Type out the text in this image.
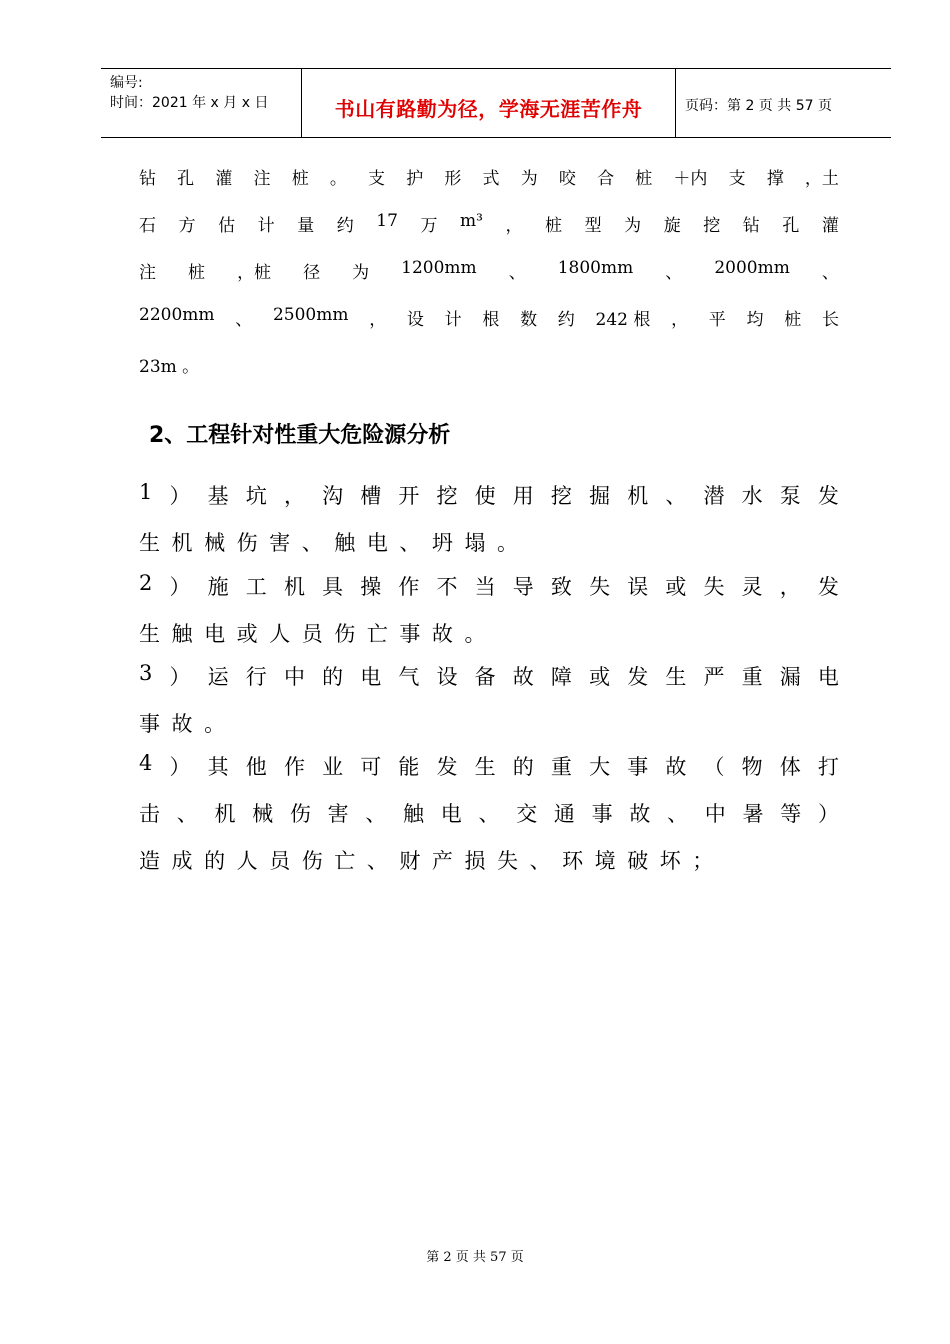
编号:
时间：2021 年 x 月 x 日	书山有路勤为径，学海无涯苦作舟	页码：第 2 页 共 57 页
钻 孔 灌 注 桩 。 支 护 形 式 为 咬 合 桩 ＋内 支 撑 ，土
石 方 估 计 量 约 17 万 m³ ， 桩 型 为 旋 挖 钻 孔 灌
注 桩 ，桩 径 为 1200mm 、 1800mm 、 2000mm 、
2200mm 、 2500mm ， 设 计 根 数 约 242 根 ， 平 均 桩 长
23m 。
2、工程针对性重大危险源分析
1 ） 基 坑 ， 沟 槽 开 挖 使 用 挖 掘 机 、 潜 水 泵 发
生 机 械 伤 害 、 触 电 、 坍 塌 。
2 ） 施 工 机 具 操 作 不 当 导 致 失 误 或 失 灵 ， 发
生 触 电 或 人 员 伤 亡 事 故 。
3 ） 运 行 中 的 电 气 设 备 故 障 或 发 生 严 重 漏 电
事 故 。
4 ） 其 他 作 业 可 能 发 生 的 重 大 事 故 （ 物 体 打
击 、 机 械 伤 害 、 触 电 、 交 通 事 故 、 中 暑 等 ）
造 成 的 人 员 伤 亡 、 财 产 损 失 、 环 境 破 坏 ；
第 2 页 共 57 页
